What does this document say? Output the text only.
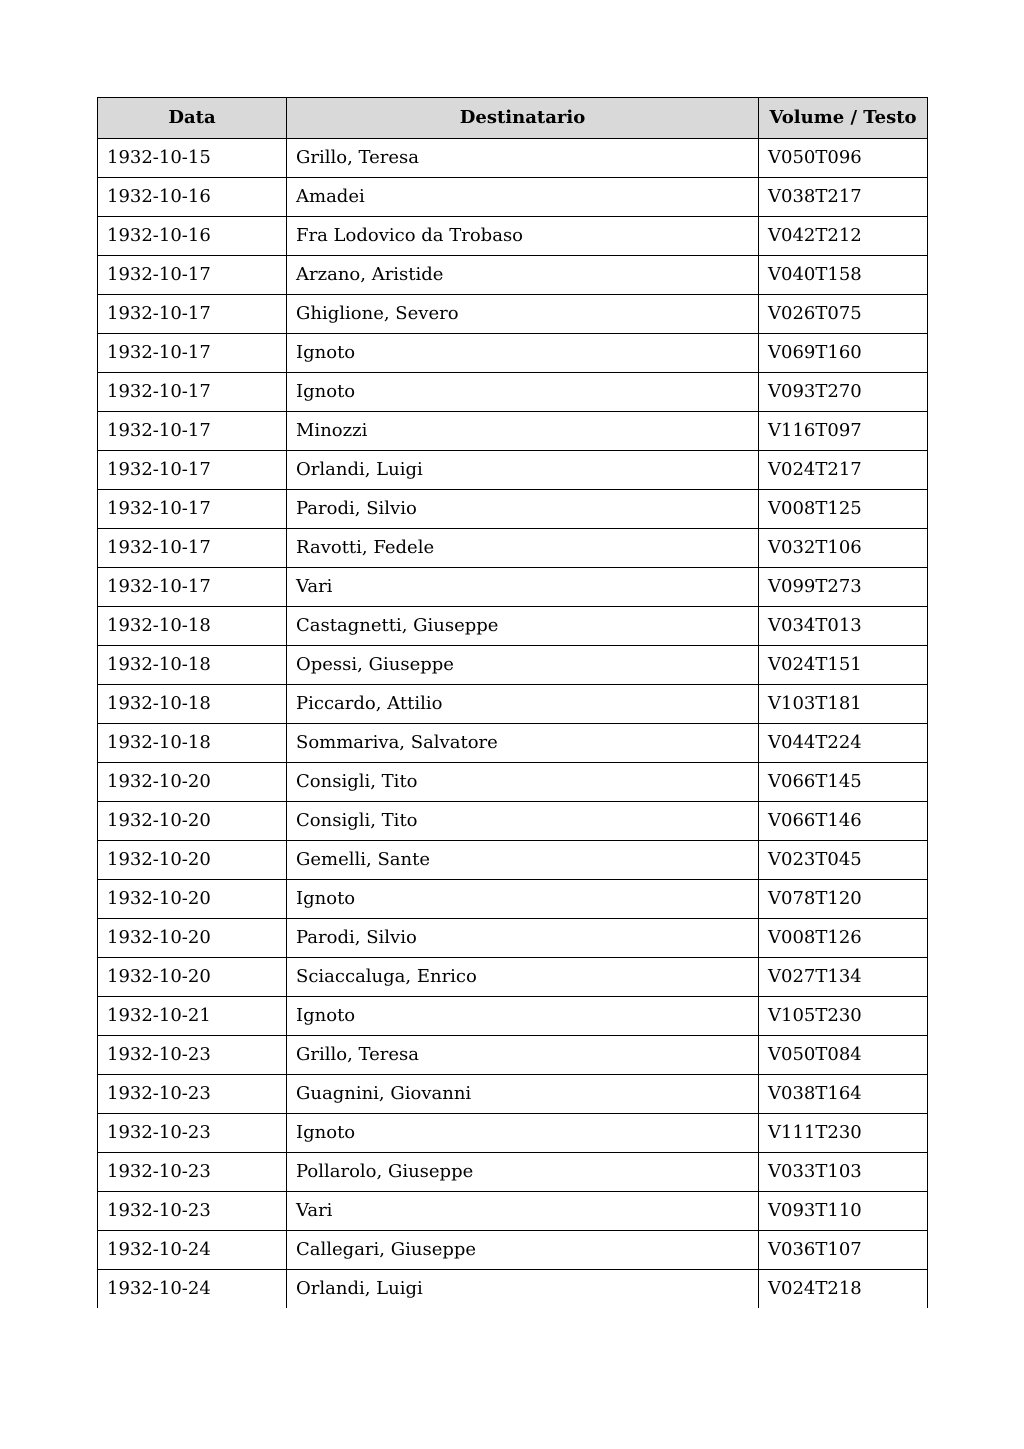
Data	Destinatario	Volume / Testo
1932-10-15	Grillo, Teresa	V050T096
1932-10-16	Amadei	V038T217
1932-10-16	Fra Lodovico da Trobaso	V042T212
1932-10-17	Arzano, Aristide	V040T158
1932-10-17	Ghiglione, Severo	V026T075
1932-10-17	Ignoto	V069T160
1932-10-17	Ignoto	V093T270
1932-10-17	Minozzi	V116T097
1932-10-17	Orlandi, Luigi	V024T217
1932-10-17	Parodi, Silvio	V008T125
1932-10-17	Ravotti, Fedele	V032T106
1932-10-17	Vari	V099T273
1932-10-18	Castagnetti, Giuseppe	V034T013
1932-10-18	Opessi, Giuseppe	V024T151
1932-10-18	Piccardo, Attilio	V103T181
1932-10-18	Sommariva, Salvatore	V044T224
1932-10-20	Consigli, Tito	V066T145
1932-10-20	Consigli, Tito	V066T146
1932-10-20	Gemelli, Sante	V023T045
1932-10-20	Ignoto	V078T120
1932-10-20	Parodi, Silvio	V008T126
1932-10-20	Sciaccaluga, Enrico	V027T134
1932-10-21	Ignoto	V105T230
1932-10-23	Grillo, Teresa	V050T084
1932-10-23	Guagnini, Giovanni	V038T164
1932-10-23	Ignoto	V111T230
1932-10-23	Pollarolo, Giuseppe	V033T103
1932-10-23	Vari	V093T110
1932-10-24	Callegari, Giuseppe	V036T107
1932-10-24	Orlandi, Luigi	V024T218
